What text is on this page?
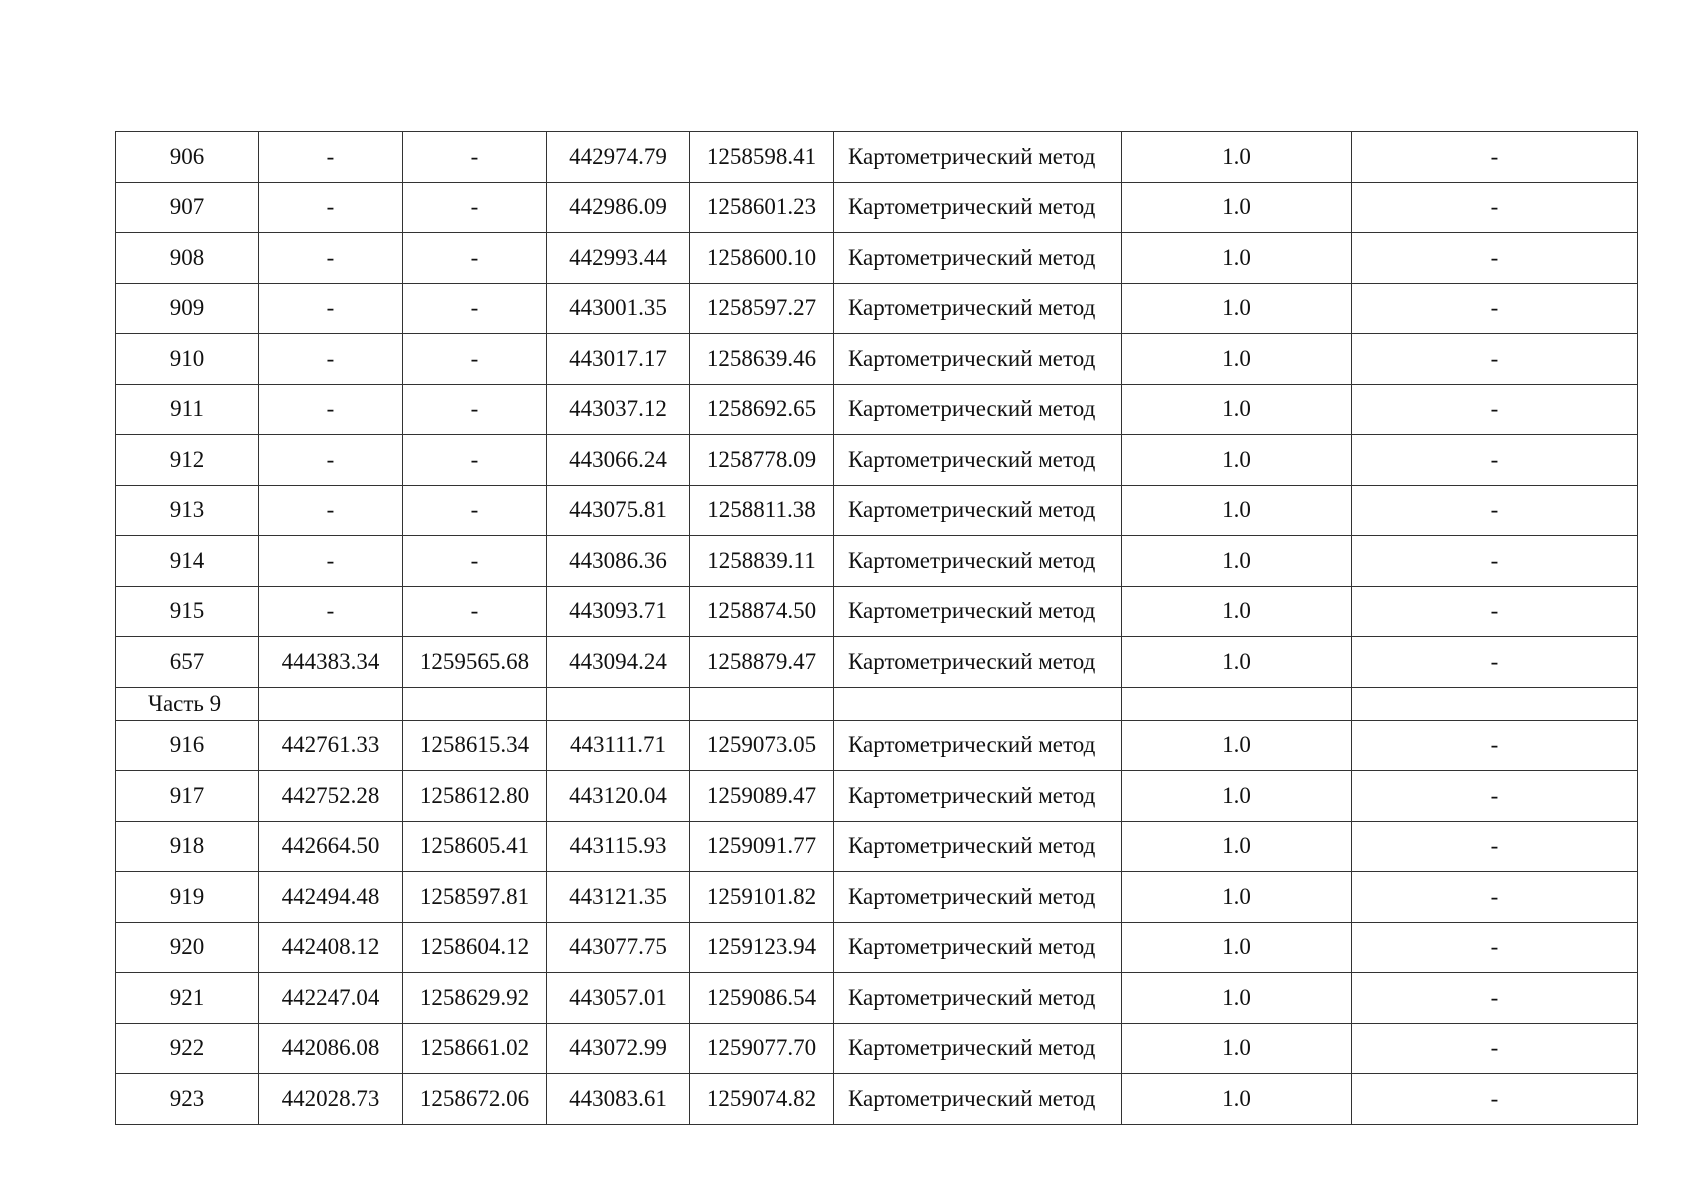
906	-	-	442974.79	1258598.41	Картометрический метод	1.0	-
907	-	-	442986.09	1258601.23	Картометрический метод	1.0	-
908	-	-	442993.44	1258600.10	Картометрический метод	1.0	-
909	-	-	443001.35	1258597.27	Картометрический метод	1.0	-
910	-	-	443017.17	1258639.46	Картометрический метод	1.0	-
911	-	-	443037.12	1258692.65	Картометрический метод	1.0	-
912	-	-	443066.24	1258778.09	Картометрический метод	1.0	-
913	-	-	443075.81	1258811.38	Картометрический метод	1.0	-
914	-	-	443086.36	1258839.11	Картометрический метод	1.0	-
915	-	-	443093.71	1258874.50	Картометрический метод	1.0	-
657	444383.34	1259565.68	443094.24	1258879.47	Картометрический метод	1.0	-
Часть 9							
916	442761.33	1258615.34	443111.71	1259073.05	Картометрический метод	1.0	-
917	442752.28	1258612.80	443120.04	1259089.47	Картометрический метод	1.0	-
918	442664.50	1258605.41	443115.93	1259091.77	Картометрический метод	1.0	-
919	442494.48	1258597.81	443121.35	1259101.82	Картометрический метод	1.0	-
920	442408.12	1258604.12	443077.75	1259123.94	Картометрический метод	1.0	-
921	442247.04	1258629.92	443057.01	1259086.54	Картометрический метод	1.0	-
922	442086.08	1258661.02	443072.99	1259077.70	Картометрический метод	1.0	-
923	442028.73	1258672.06	443083.61	1259074.82	Картометрический метод	1.0	-
